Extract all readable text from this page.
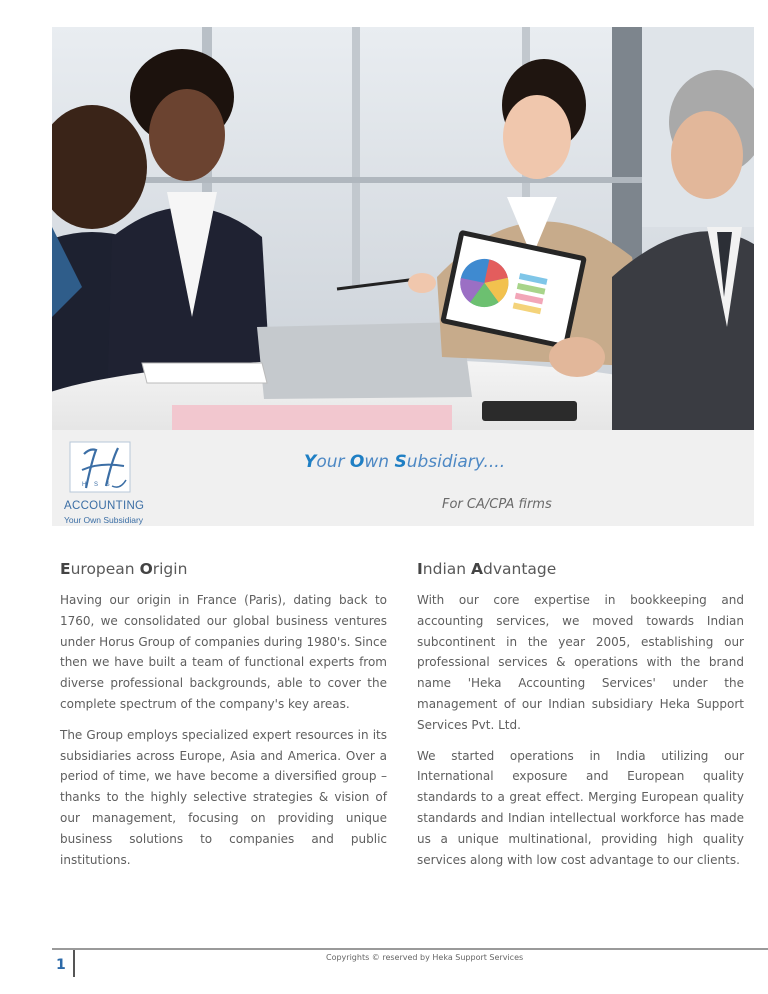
H S S
ACCOUNTING
Your Own Subsidiary
Your Own Subsidiary....
For CA/CPA firms
European Origin

Having our origin in France (Paris), dating back to 1760, we consolidated our global business ventures under Horus Group of companies during 1980's. Since then we have built a team of functional experts from diverse professional backgrounds, able to cover the complete spectrum of the company's key areas.

The Group employs specialized expert resources in its subsidiaries across Europe, Asia and America. Over a period of time, we have become a diversified group – thanks to the highly selective strategies & vision of our management, focusing on providing unique business solutions to companies and public institutions.

Indian Advantage

With our core expertise in bookkeeping and accounting services, we moved towards Indian subcontinent in the year 2005, establishing our professional services & operations with the brand name 'Heka Accounting Services' under the management of our Indian subsidiary Heka Support Services Pvt. Ltd.

We started operations in India utilizing our International exposure and European quality standards to a great effect. Merging European quality standards and Indian intellectual workforce has made us a unique multinational, providing high quality services along with low cost advantage to our clients.

1	Copyrights © reserved by Heka Support Services
